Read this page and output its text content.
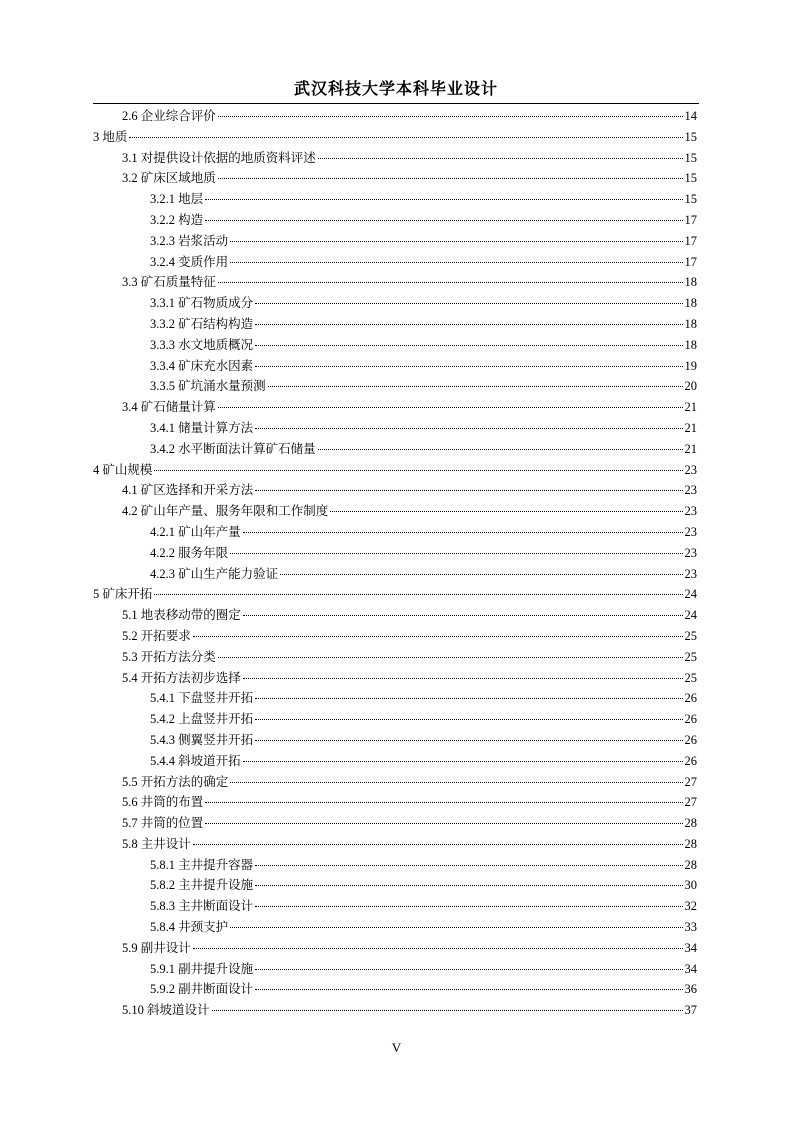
武汉科技大学本科毕业设计
2.6 企业综合评价	14
3 地质	15
3.1 对提供设计依据的地质资料评述	15
3.2 矿床区域地质	15
3.2.1 地层	15
3.2.2 构造	17
3.2.3 岩浆活动	17
3.2.4 变质作用	17
3.3 矿石质量特征	18
3.3.1 矿石物质成分	18
3.3.2 矿石结构构造	18
3.3.3 水文地质概况	18
3.3.4 矿床充水因素	19
3.3.5 矿坑涌水量预测	20
3.4 矿石储量计算	21
3.4.1 储量计算方法	21
3.4.2 水平断面法计算矿石储量	21
4 矿山规模	23
4.1 矿区选择和开采方法	23
4.2 矿山年产量、服务年限和工作制度	23
4.2.1 矿山年产量	23
4.2.2 服务年限	23
4.2.3 矿山生产能力验证	23
5 矿床开拓	24
5.1 地表移动带的圈定	24
5.2 开拓要求	25
5.3 开拓方法分类	25
5.4 开拓方法初步选择	25
5.4.1 下盘竖井开拓	26
5.4.2 上盘竖井开拓	26
5.4.3 侧翼竖井开拓	26
5.4.4 斜坡道开拓	26
5.5 开拓方法的确定	27
5.6 井筒的布置	27
5.7 井筒的位置	28
5.8 主井设计	28
5.8.1 主井提升容器	28
5.8.2 主井提升设施	30
5.8.3 主井断面设计	32
5.8.4 井颈支护	33
5.9 副井设计	34
5.9.1 副井提升设施	34
5.9.2 副井断面设计	36
5.10 斜坡道设计	37
V
